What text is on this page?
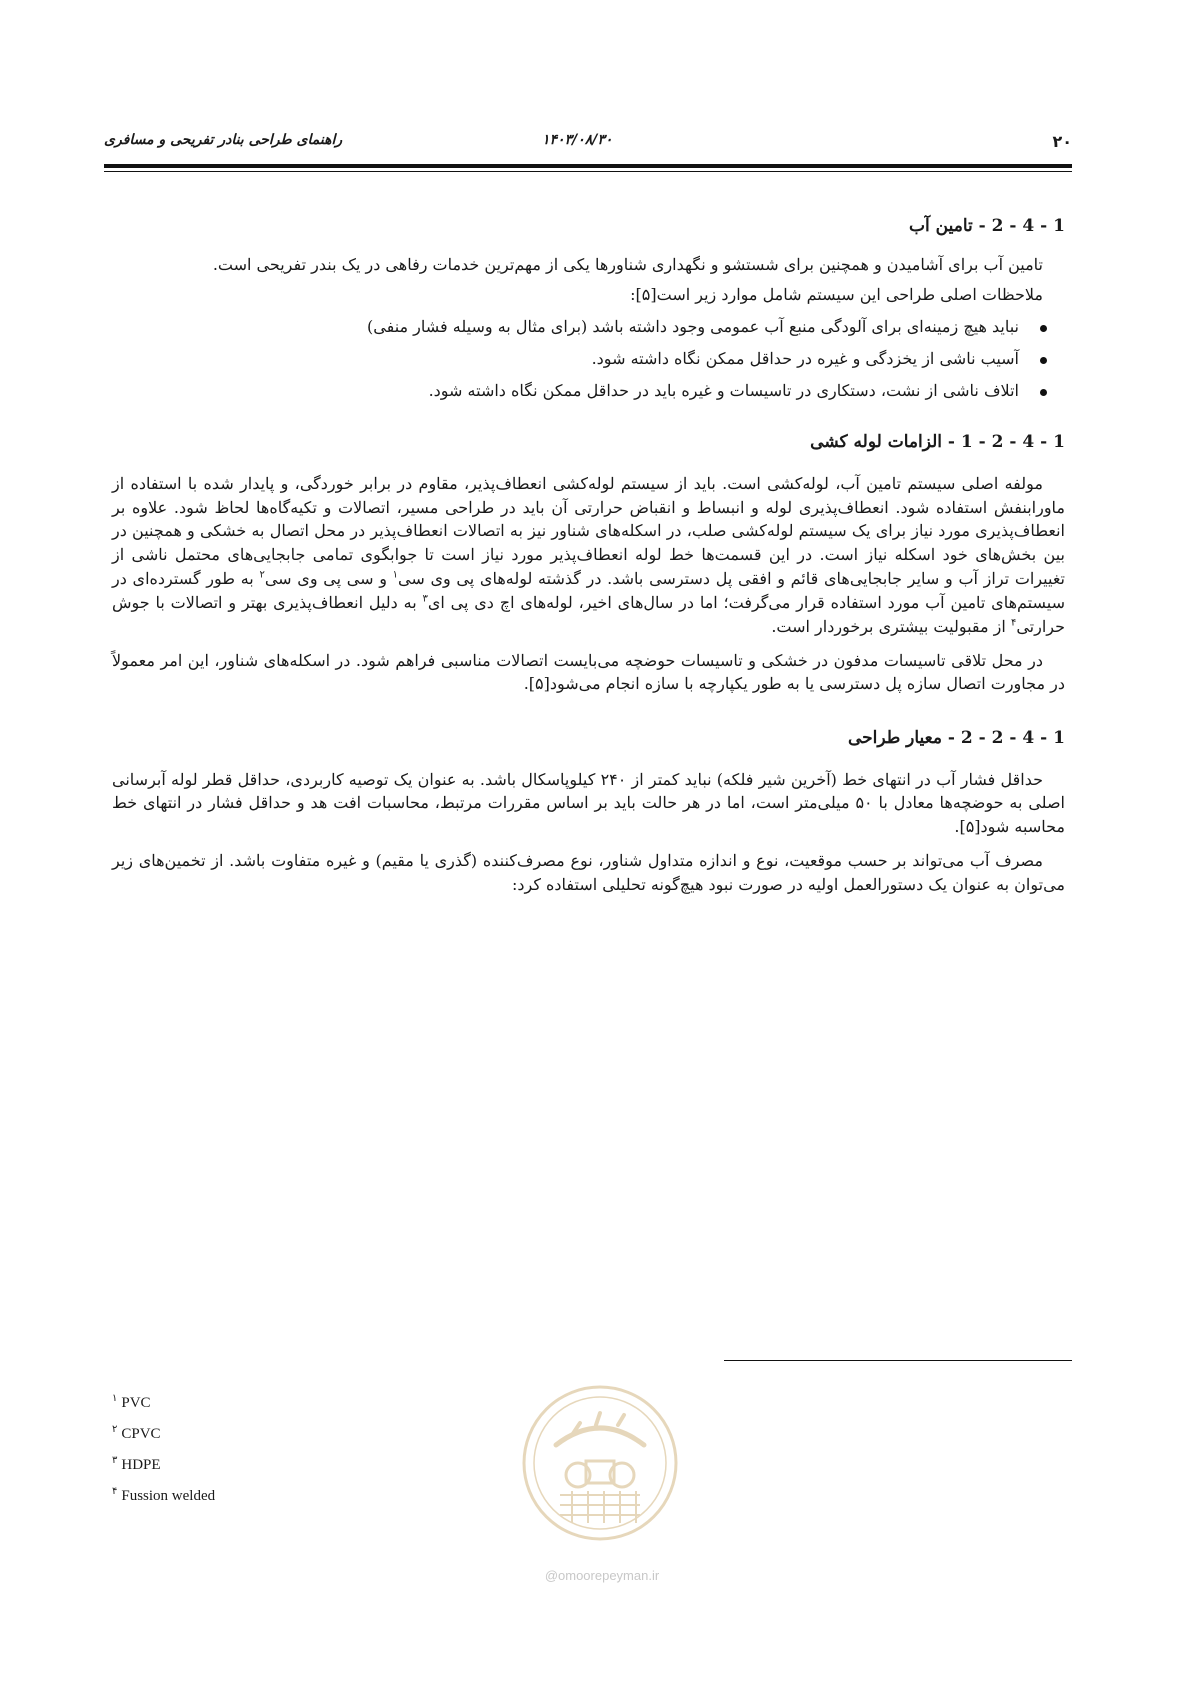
۲۰
۱۴۰۳/۰۸/۳۰
راهنمای طراحی بنادر تفریحی و مسافری
1 - 4 - 2 - تامین آب

تامین آب برای آشامیدن و همچنین برای شستشو و نگهداری شناورها یکی از مهم‌ترین خدمات رفاهی در یک بندر تفریحی است.

ملاحظات اصلی طراحی این سیستم شامل موارد زیر است[۵]:

نباید هیچ زمینه‌ای برای آلودگی منبع آب عمومی وجود داشته باشد (برای مثال به وسیله فشار منفی)
آسیب ناشی از یخزدگی و غیره در حداقل ممکن نگاه داشته شود.
اتلاف ناشی از نشت، دستکاری در تاسیسات و غیره باید در حداقل ممکن نگاه داشته شود.
1 - 4 - 2 - 1 - الزامات لوله کشی

مولفه اصلی سیستم تامین آب، لوله‌کشی است. باید از سیستم لوله‌کشی انعطاف‌پذیر، مقاوم در برابر خوردگی، و پایدار شده با استفاده از ماورابنفش استفاده شود. انعطاف‌پذیری لوله و انبساط و انقباض حرارتی آن باید در طراحی مسیر، اتصالات و تکیه‌گاه‌ها لحاظ شود. علاوه بر انعطاف‌پذیری مورد نیاز برای یک سیستم لوله‌کشی صلب، در اسکله‌های شناور نیز به اتصالات انعطاف‌پذیر در محل اتصال به خشکی و همچنین در بین بخش‌های خود اسکله نیاز است. در این قسمت‌ها خط لوله انعطاف‌پذیر مورد نیاز است تا جوابگوی تمامی جابجایی‌های محتمل ناشی از تغییرات تراز آب و سایر جابجایی‌های قائم و افقی پل دسترسی باشد. در گذشته لوله‌های پی وی سی$^۱$ و سی پی وی سی$^۲$ به طور گسترده‌ای در سیستم‌های تامین آب مورد استفاده قرار می‌گرفت؛ اما در سال‌های اخیر، لوله‌های اچ دی پی ای$^۳$ به دلیل انعطاف‌پذیری بهتر و اتصالات با جوش حرارتی$^۴$ از مقبولیت بیشتری برخوردار است.

در محل تلاقی تاسیسات مدفون در خشکی و تاسیسات حوضچه می‌بایست اتصالات مناسبی فراهم شود. در اسکله‌های شناور، این امر معمولاً در مجاورت اتصال سازه پل دسترسی یا به طور یکپارچه با سازه انجام می‌شود[۵].

1 - 4 - 2 - 2 - معیار طراحی

حداقل فشار آب در انتهای خط (آخرین شیر فلکه) نباید کمتر از ۲۴۰ کیلوپاسکال باشد. به عنوان یک توصیه کاربردی، حداقل قطر لوله آبرسانی اصلی به حوضچه‌ها معادل با ۵۰ میلی‌متر است، اما در هر حالت باید بر اساس مقررات مرتبط، محاسبات افت هد و حداقل فشار در انتهای خط محاسبه شود[۵].

مصرف آب می‌تواند بر حسب موقعیت، نوع و اندازه متداول شناور، نوع مصرف‌کننده (گذری یا مقیم) و غیره متفاوت باشد. از تخمین‌های زیر می‌توان به عنوان یک دستورالعمل اولیه در صورت نبود هیچ‌گونه تحلیلی استفاده کرد:

$^۱$ PVC
$^۲$ CPVC
$^۳$ HDPE
$^۴$ Fussion welded
@omoorepeyman.ir
